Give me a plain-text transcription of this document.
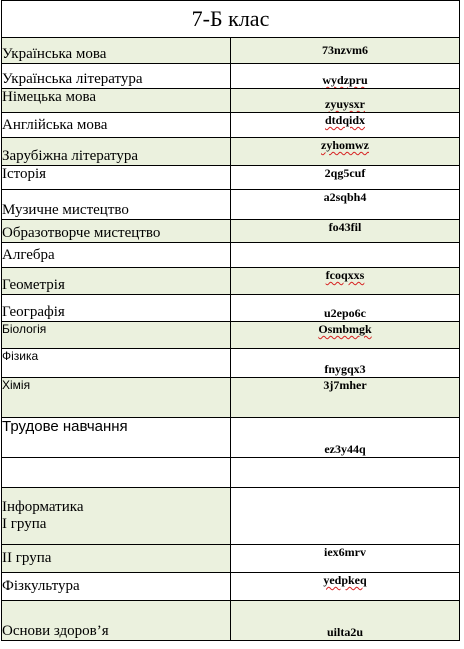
7-Б клас	
Українська мова	73nzvm6
Українська література	wydzpru
Німецька мова	zyuysxr
Англійська мова	dtdqidx
Зарубіжна література	zyhomwz
Історія	2qg5cuf
Музичне мистецтво	a2sqbh4
Образотворче мистецтво	fo43fil
Алгебра	
Геометрія	fcoqxxs
Географія	u2epo6c
Біологія	Osmbmgk
Фізика	fnygqx3
Хімія	3j7mher
Трудове навчання	ez3y44q

Інформатика
І група	

ІІ група	iex6mrv
Фізкультура	yedpkeq
Основи здоров’я	uilta2u
